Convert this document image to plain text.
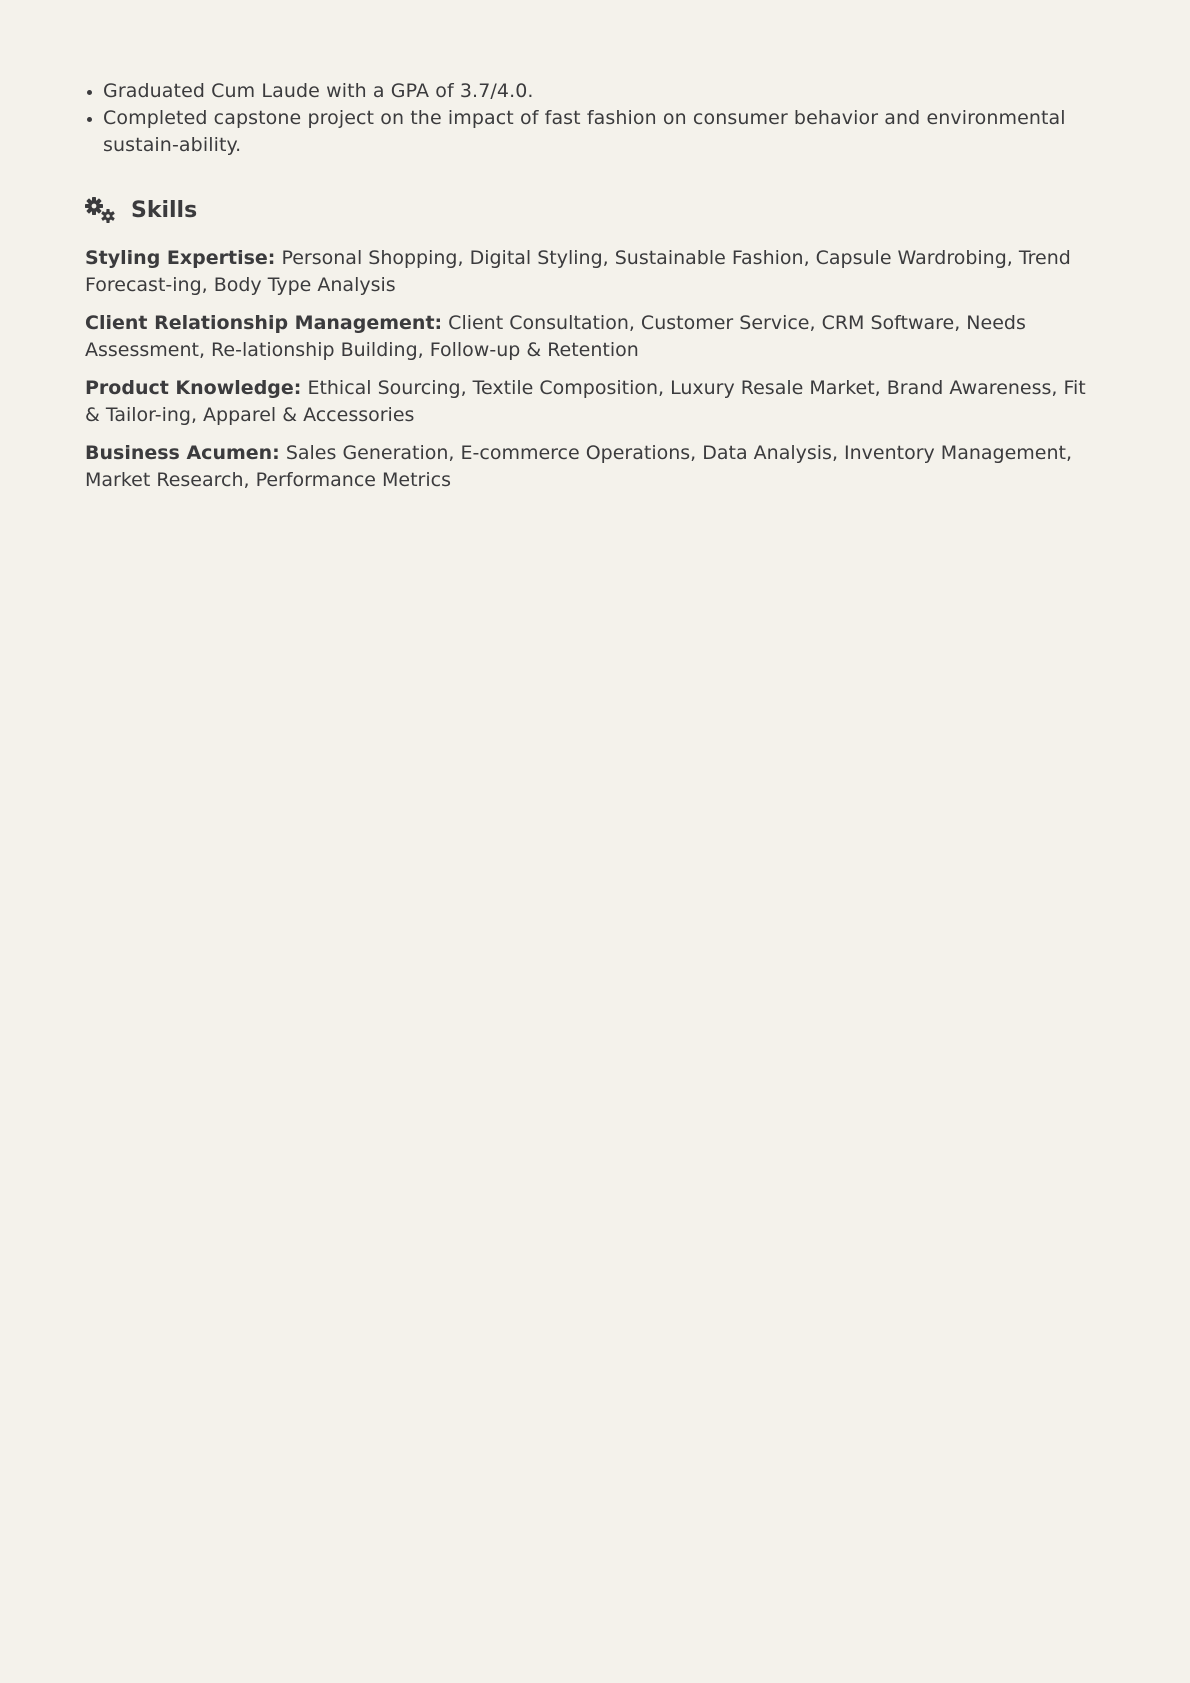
Graduated Cum Laude with a GPA of 3.7/4.0.
Completed capstone project on the impact of fast fashion on consumer behavior and environmental sustain-ability.
Skills

Styling Expertise: Personal Shopping, Digital Styling, Sustainable Fashion, Capsule Wardrobing, Trend Forecast-ing, Body Type Analysis

Client Relationship Management: Client Consultation, Customer Service, CRM Software, Needs Assessment, Re-lationship Building, Follow-up & Retention

Product Knowledge: Ethical Sourcing, Textile Composition, Luxury Resale Market, Brand Awareness, Fit & Tailor-ing, Apparel & Accessories

Business Acumen: Sales Generation, E-commerce Operations, Data Analysis, Inventory Management, Market Research, Performance Metrics
